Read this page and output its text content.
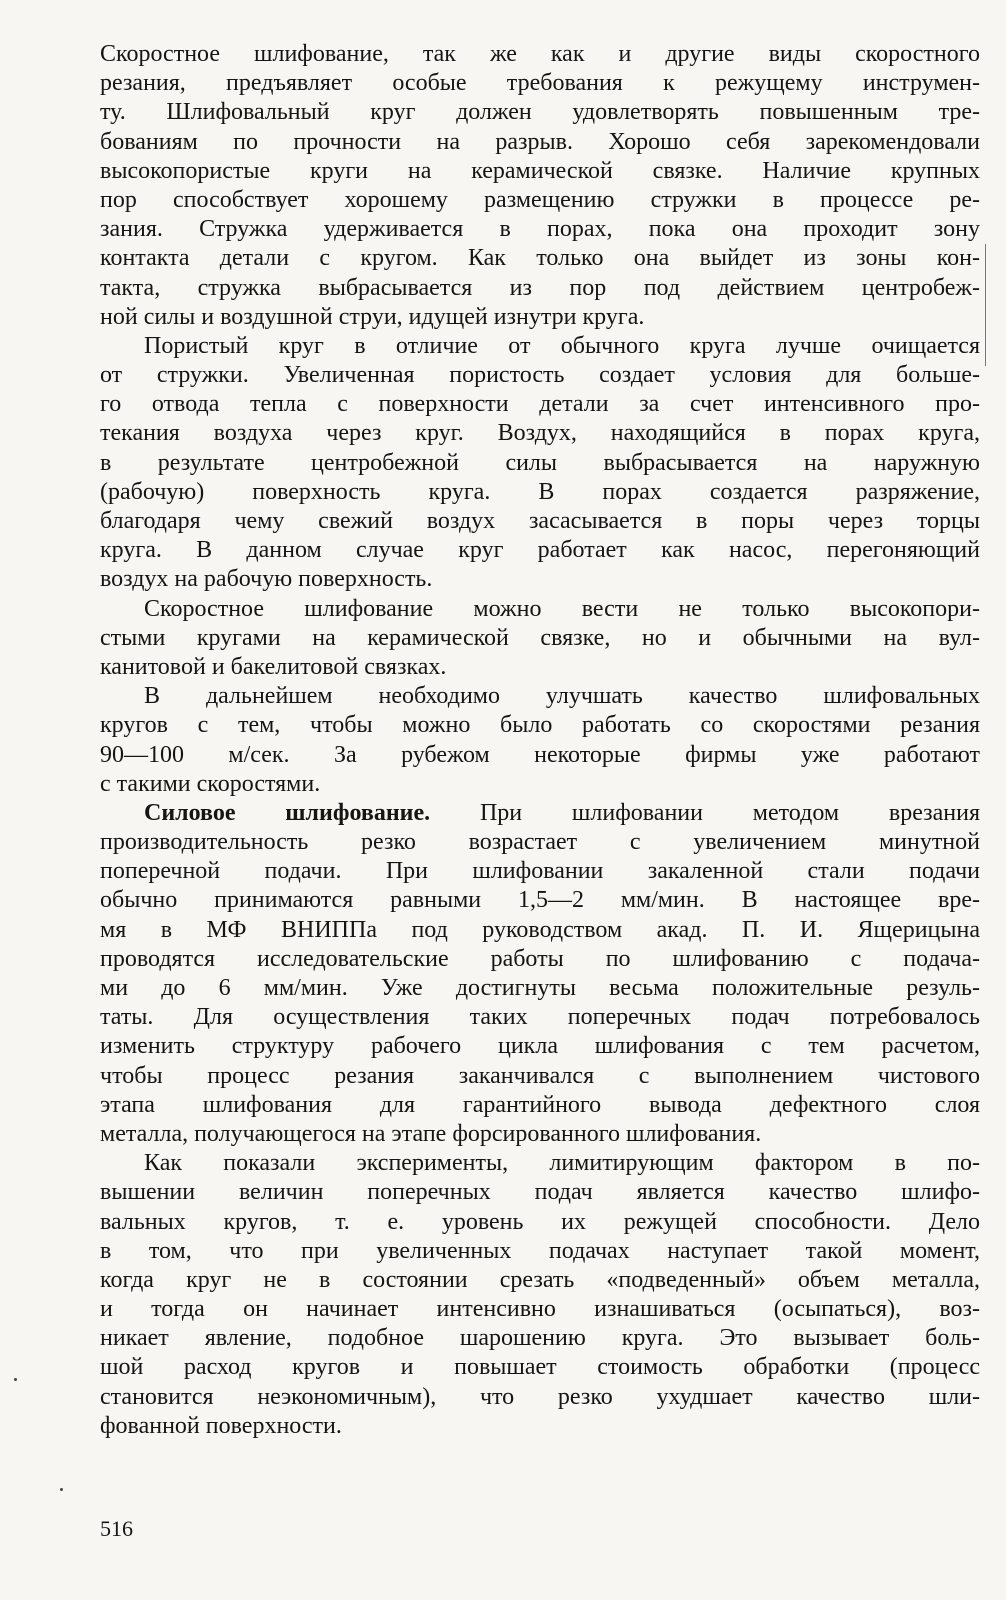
Скоростное шлифование, так же как и другие виды скоростного
резания, предъявляет особые требования к режущему инструмен-
ту. Шлифовальный круг должен удовлетворять повышенным тре-
бованиям по прочности на разрыв. Хорошо себя зарекомендовали
высокопористые круги на керамической связке. Наличие крупных
пор способствует хорошему размещению стружки в процессе ре-
зания. Стружка удерживается в порах, пока она проходит зону
контакта детали с кругом. Как только она выйдет из зоны кон-
такта, стружка выбрасывается из пор под действием центробеж-
ной силы и воздушной струи, идущей изнутри круга.

Пористый круг в отличие от обычного круга лучше очищается
от стружки. Увеличенная пористость создает условия для больше-
го отвода тепла с поверхности детали за счет интенсивного про-
текания воздуха через круг. Воздух, находящийся в порах круга,
в результате центробежной силы выбрасывается на наружную
(рабочую) поверхность круга. В порах создается разряжение,
благодаря чему свежий воздух засасывается в поры через торцы
круга. В данном случае круг работает как насос, перегоняющий
воздух на рабочую поверхность.

Скоростное шлифование можно вести не только высокопори-
стыми кругами на керамической связке, но и обычными на вул-
канитовой и бакелитовой связках.

В дальнейшем необходимо улучшать качество шлифовальных
кругов с тем, чтобы можно было работать со скоростями резания
90—100 м/сек. За рубежом некоторые фирмы уже работают
с такими скоростями.

Силовое шлифование. При шлифовании методом врезания
производительность резко возрастает с увеличением минутной
поперечной подачи. При шлифовании закаленной стали подачи
обычно принимаются равными 1,5—2 мм/мин. В настоящее вре-
мя в МФ ВНИППа под руководством акад. П. И. Ящерицына
проводятся исследовательские работы по шлифованию с подача-
ми до 6 мм/мин. Уже достигнуты весьма положительные резуль-
таты. Для осуществления таких поперечных подач потребовалось
изменить структуру рабочего цикла шлифования с тем расчетом,
чтобы процесс резания заканчивался с выполнением чистового
этапа шлифования для гарантийного вывода дефектного слоя
металла, получающегося на этапе форсированного шлифования.

Как показали эксперименты, лимитирующим фактором в по-
вышении величин поперечных подач является качество шлифо-
вальных кругов, т. е. уровень их режущей способности. Дело
в том, что при увеличенных подачах наступает такой момент,
когда круг не в состоянии срезать «подведенный» объем металла,
и тогда он начинает интенсивно изнашиваться (осыпаться), воз-
никает явление, подобное шарошению круга. Это вызывает боль-
шой расход кругов и повышает стоимость обработки (процесс
становится неэкономичным), что резко ухудшает качество шли-
фованной поверхности.

516
